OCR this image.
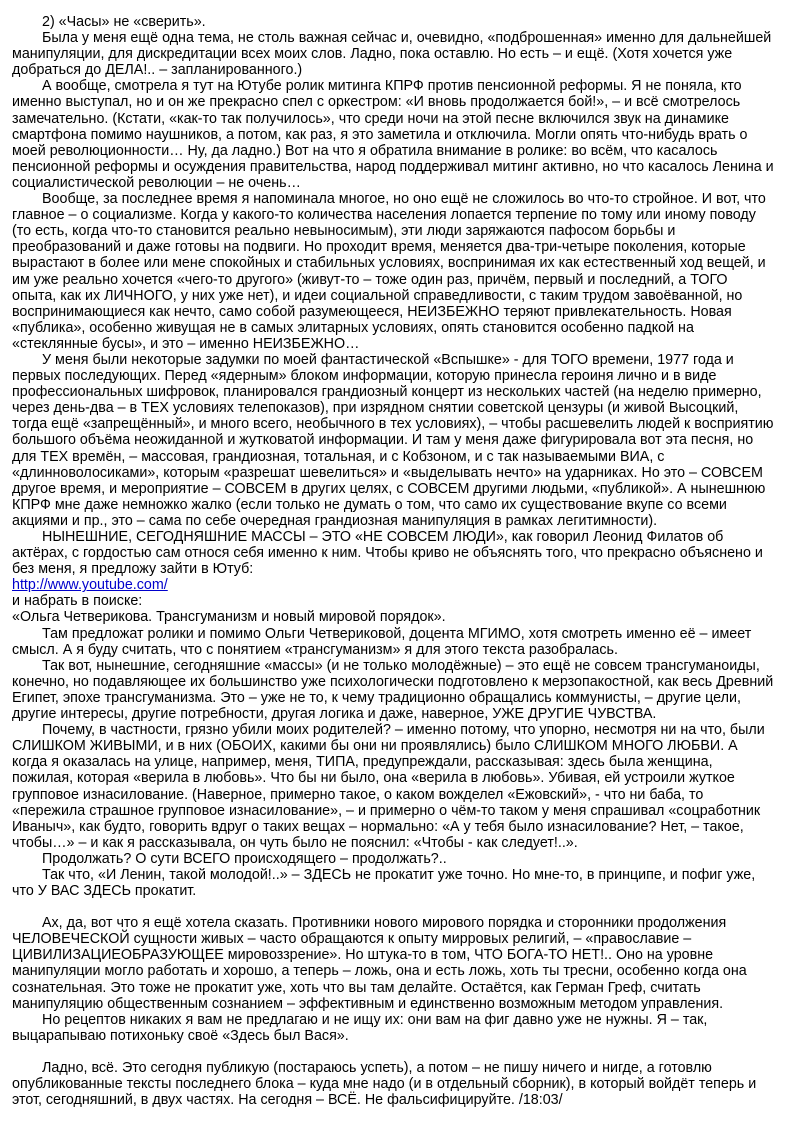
2) «Часы» не «сверить».

Была у меня ещё одна тема, не столь важная сейчас и, очевидно, «подброшенная» именно для дальнейшей манипуляции, для дискредитации всех моих слов. Ладно, пока оставлю. Но есть – и ещё. (Хотя хочется уже добраться до ДЕЛА!.. – запланированного.)

А вообще, смотрела я тут на Ютубе ролик митинга КПРФ против пенсионной реформы. Я не поняла, кто именно выступал, но и он же прекрасно спел с оркестром: «И вновь продолжается бой!», – и всё смотрелось замечательно. (Кстати, «как-то так получилось», что среди ночи на этой песне включился звук на динамике смартфона помимо наушников, а потом, как раз, я это заметила и отключила. Могли опять что-нибудь врать о моей революционности… Ну, да ладно.) Вот на что я обратила внимание в ролике: во всём, что касалось пенсионной реформы и осуждения правительства, народ поддерживал митинг активно, но что касалось Ленина и социалистической революции – не очень…

Вообще, за последнее время я напоминала многое, но оно ещё не сложилось во что-то стройное. И вот, что главное – о социализме. Когда у какого-то количества населения лопается терпение по тому или иному поводу (то есть, когда что-то становится реально невыносимым), эти люди заряжаются пафосом борьбы и преобразований и даже готовы на подвиги. Но проходит время, меняется два-три-четыре поколения, которые вырастают в более или мене спокойных и стабильных условиях, воспринимая их как естественный ход вещей, и им уже реально хочется «чего-то другого» (живут-то – тоже один раз, причём, первый и последний, а ТОГО опыта, как их ЛИЧНОГО, у них уже нет), и идеи социальной справедливости, с таким трудом завоёванной, но воспринимающиеся как нечто, само собой разумеющееся, НЕИЗБЕЖНО теряют привлекательность. Новая «публика», особенно живущая не в самых элитарных условиях, опять становится особенно падкой на «стеклянные бусы», и это – именно НЕИЗБЕЖНО…

У меня были некоторые задумки по моей фантастической «Вспышке» - для ТОГО времени, 1977 года и первых последующих. Перед «ядерным» блоком информации, которую принесла героиня лично и в виде профессиональных шифровок, планировался грандиозный концерт из нескольких частей (на неделю примерно, через день-два – в ТЕХ условиях телепоказов), при изрядном снятии советской цензуры (и живой Высоцкий, тогда ещё «запрещённый», и много всего, необычного в тех условиях), – чтобы расшевелить людей к восприятию большого объёма неожиданной и жутковатой информации. И там у меня даже фигурировала вот эта песня, но для ТЕХ времён, – массовая, грандиозная, тотальная, и с Кобзоном, и с так называемыми ВИА, с «длинноволосиками», которым «разрешат шевелиться» и «выделывать нечто» на ударниках. Но это – СОВСЕМ другое время, и мероприятие – СОВСЕМ в других целях, с СОВСЕМ другими людьми, «публикой». А нынешнюю КПРФ мне даже немножко жалко (если только не думать о том, что само их существование вкупе со всеми акциями и пр., это – сама по себе очередная грандиозная манипуляция в рамках легитимности).

НЫНЕШНИЕ, СЕГОДНЯШНИЕ МАССЫ – ЭТО «НЕ СОВСЕМ ЛЮДИ», как говорил Леонид Филатов об актёрах, с гордостью сам относя себя именно к ним. Чтобы криво не объяснять того, что прекрасно объяснено и без меня, я предложу зайти в Ютуб:

http://www.youtube.com/

и набрать в поиске:

«Ольга Четверикова. Трансгуманизм и новый мировой порядок».

Там предложат ролики и помимо Ольги Четвериковой, доцента МГИМО, хотя смотреть именно её – имеет смысл. А я буду считать, что с понятием «трансгуманизм» я для этого текста разобралась.

Так вот, нынешние, сегодняшние «массы» (и не только молодёжные) – это ещё не совсем трансгуманоиды, конечно, но подавляющее их большинство уже психологически подготовлено к мерзопакостной, как весь Древний Египет, эпохе трансгуманизма. Это – уже не то, к чему традиционно обращались коммунисты, – другие цели, другие интересы, другие потребности, другая логика и даже, наверное, УЖЕ ДРУГИЕ ЧУВСТВА.

Почему, в частности, грязно убили моих родителей? – именно потому, что упорно, несмотря ни на что, были СЛИШКОМ ЖИВЫМИ, и в них (ОБОИХ, какими бы они ни проявлялись) было СЛИШКОМ МНОГО ЛЮБВИ. А когда я оказалась на улице, например, меня, ТИПА, предупреждали, рассказывая: здесь была женщина, пожилая, которая «верила в любовь». Что бы ни было, она «верила в любовь». Убивая, ей устроили жуткое групповое изнасилование. (Наверное, примерно такое, о каком вожделел «Ежовский», - что ни баба, то «пережила страшное групповое изнасилование», – и примерно о чём-то таком у меня спрашивал «соцработник Иваныч», как будто, говорить вдруг о таких вещах – нормально: «А у тебя было изнасилование? Нет, – такое, чтобы…» – и как я рассказывала, он чуть было не пояснил: «Чтобы - как следует!..».

Продолжать? О сути ВСЕГО происходящего – продолжать?..

Так что, «И Ленин, такой молодой!..» – ЗДЕСЬ не прокатит уже точно. Но мне-то, в принципе, и пофиг уже, что У ВАС ЗДЕСЬ прокатит.

Ах, да, вот что я ещё хотела сказать. Противники нового мирового порядка и сторонники продолжения ЧЕЛОВЕЧЕСКОЙ сущности живых – часто обращаются к опыту мирровых религий, – «православие – ЦИВИЛИЗАЦИЕОБРАЗУЮЩЕЕ мировоззрение». Но штука-то в том, ЧТО БОГА-ТО НЕТ!.. Оно на уровне манипуляции могло работать и хорошо, а теперь – ложь, она и есть ложь, хоть ты тресни, особенно когда она сознательная. Это тоже не прокатит уже, хоть что вы там делайте. Остаётся, как Герман Греф, считать манипуляцию общественным сознанием – эффективным и единственно возможным методом управления.

Но рецептов никаких я вам не предлагаю и не ищу их: они вам на фиг давно уже не нужны. Я – так, выцарапываю потихоньку своё «Здесь был Вася».

Ладно, всё. Это сегодня публикую (постараюсь успеть), а потом – не пишу ничего и нигде, а готовлю опубликованные тексты последнего блока – куда мне надо (и в отдельный сборник), в который войдёт теперь и этот, сегодняшний, в двух частях. На сегодня – ВСЁ. Не фальсифицируйте. /18:03/
